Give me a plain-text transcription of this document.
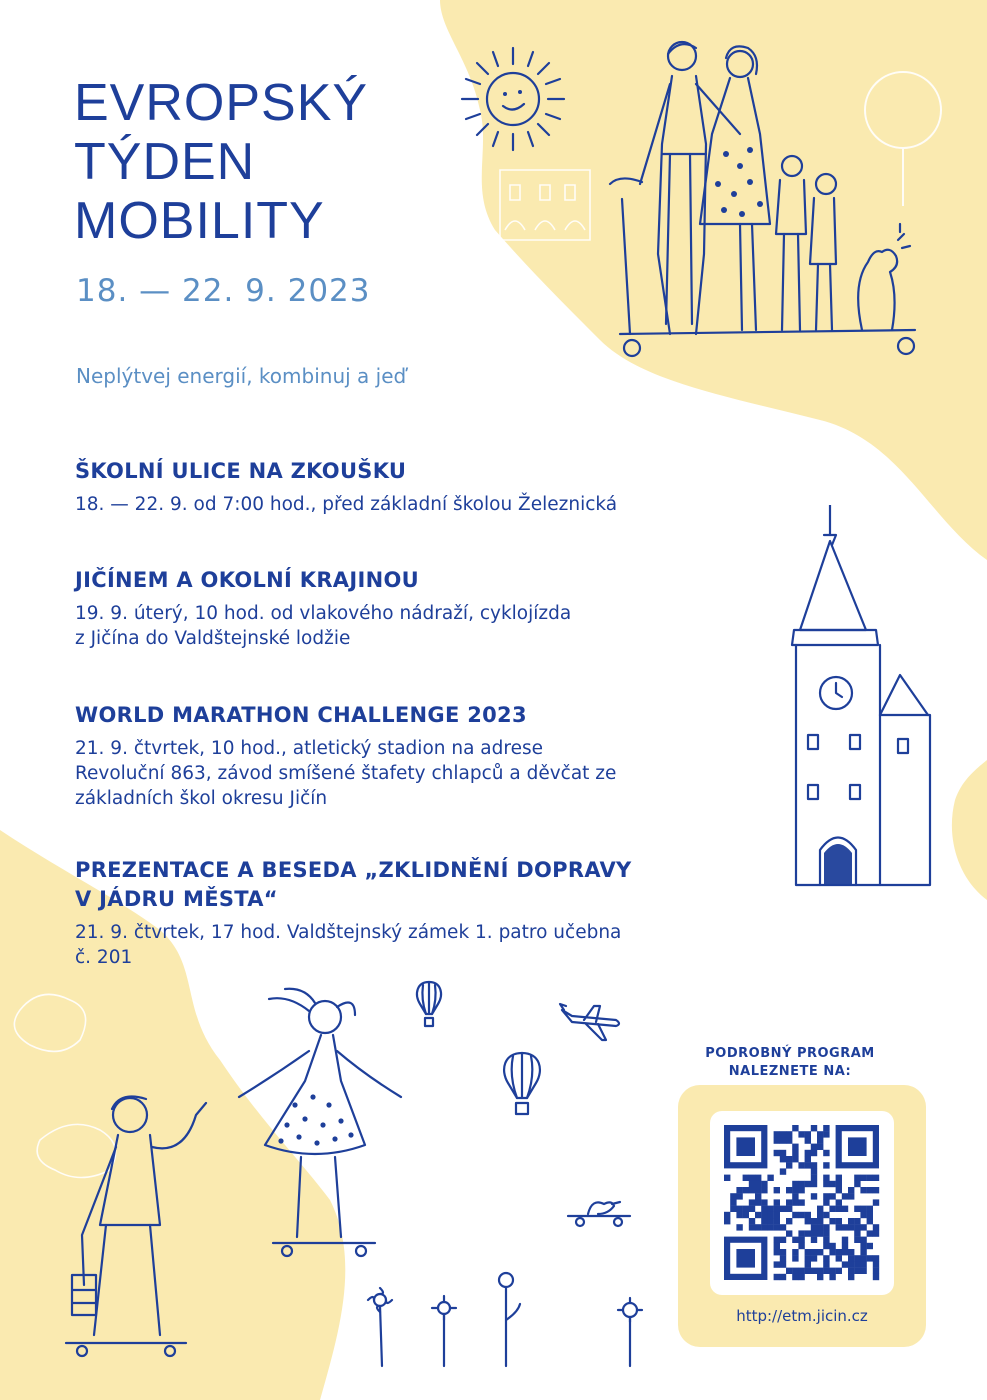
EVROPSKÝ
TÝDEN
MOBILITY
18. — 22. 9. 2023
Neplýtvej energií, kombinuj a jeď
ŠKOLNÍ ULICE NA ZKOUŠKU

18. — 22. 9. od 7:00 hod., před základní školou Železnická

JIČÍNEM A OKOLNÍ KRAJINOU

19. 9. úterý, 10 hod. od vlakového nádraží, cyklojízda
z Jičína do Valdštejnské lodžie

WORLD MARATHON CHALLENGE 2023

21. 9. čtvrtek, 10 hod., atletický stadion na adrese
Revoluční 863, závod smíšené štafety chlapců a děvčat ze
základních škol okresu Jičín

PREZENTACE A BESEDA „ZKLIDNĚNÍ DOPRAVY
V JÁDRU MĚSTA“

21. 9. čtvrtek, 17 hod. Valdštejnský zámek 1. patro učebna
č. 201

PODROBNÝ PROGRAM
NALEZNETE NA:
http://etm.jicin.cz
